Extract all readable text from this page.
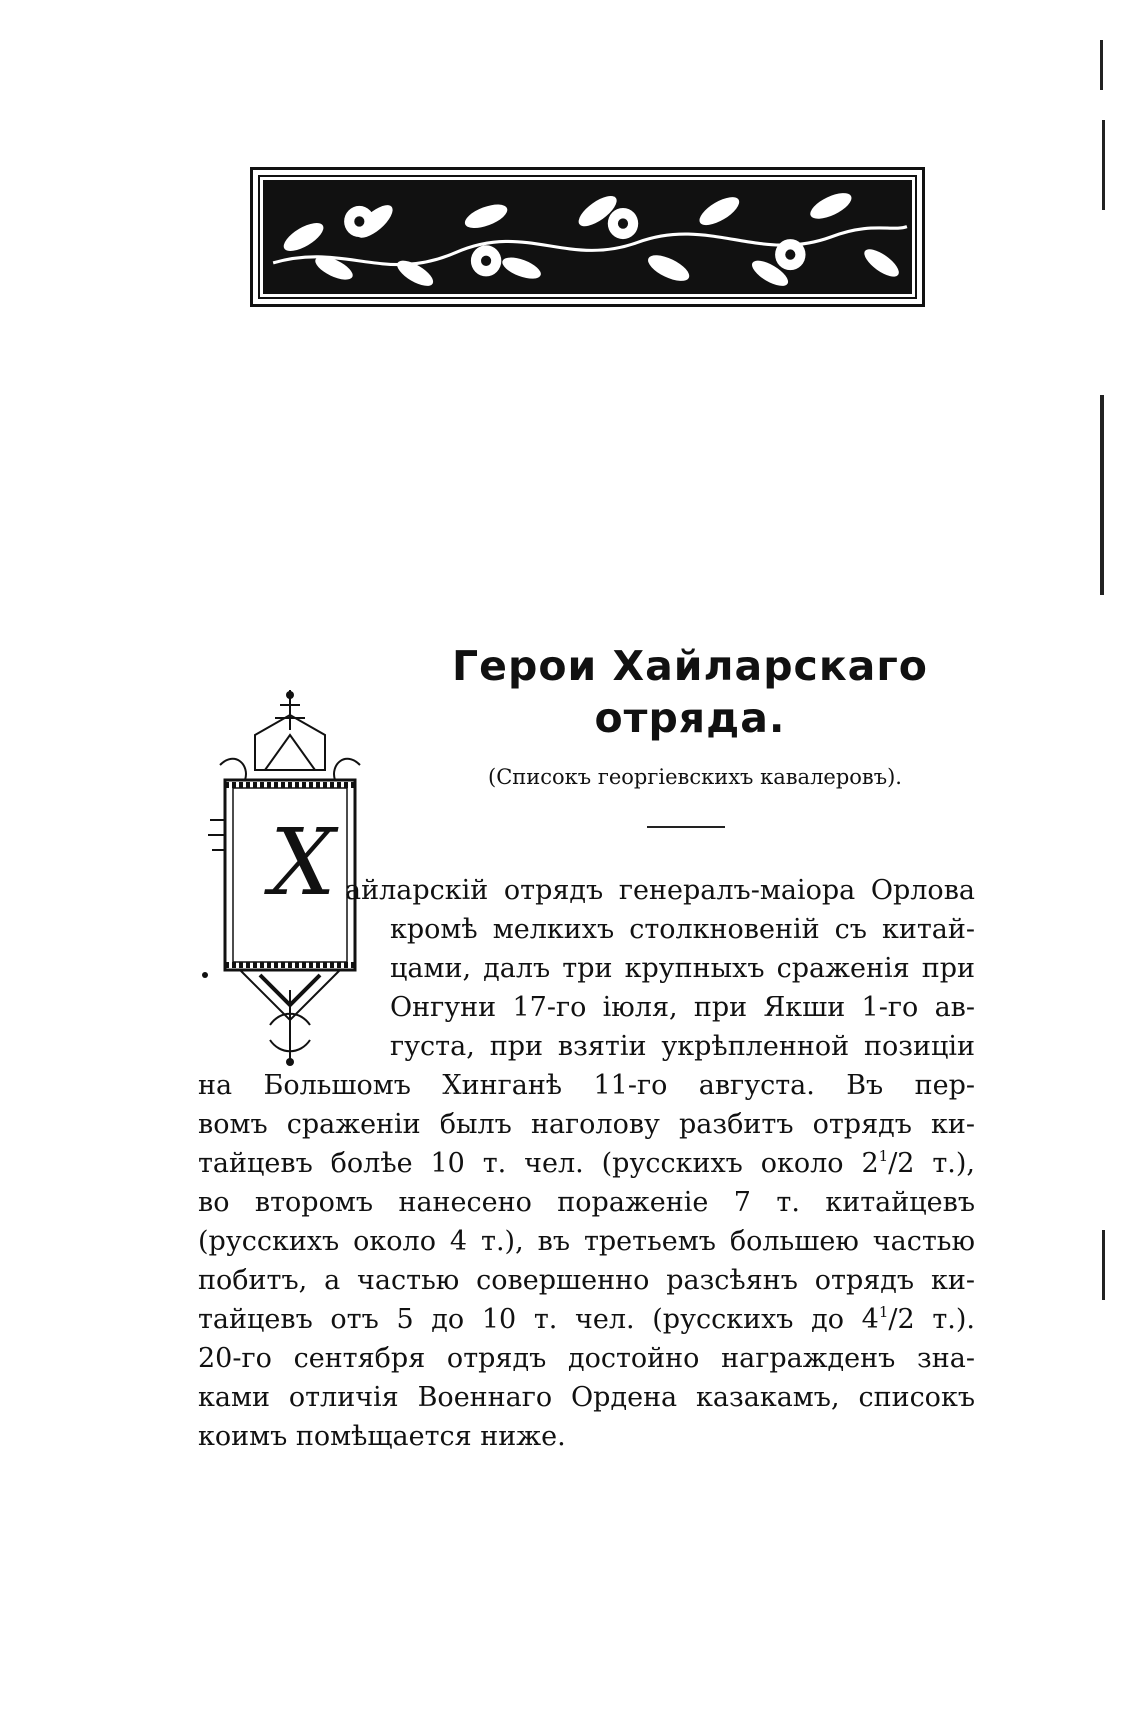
Герои Хайларскаго
отряда.
(Списокъ георгіевскихъ кавалеровъ).
Х айларскій отрядъ генералъ-маіора Орлова
кромѣ мелкихъ столкновеній съ китай-
цами, далъ три крупныхъ сраженія при
Онгуни 17-го іюля, при Якши 1-го ав-
густа, при взятіи укрѣпленной позиціи
на Большомъ Хинганѣ 11-го августа. Въ пер-
вомъ сраженіи былъ наголову разбитъ отрядъ ки-
тайцевъ болѣе 10 т. чел. (русскихъ около $2^1/2$ т.),
во второмъ нанесено пораженіе 7 т. китайцевъ
(русскихъ около 4 т.), въ третьемъ большею частью
побитъ, а частью совершенно разсѣянъ отрядъ ки-
тайцевъ отъ 5 до 10 т. чел. (русскихъ до $4^1/2$ т.).
20-го сентября отрядъ достойно награжденъ зна-
ками отличія Военнаго Ордена казакамъ, списокъ
коимъ помѣщается ниже.
